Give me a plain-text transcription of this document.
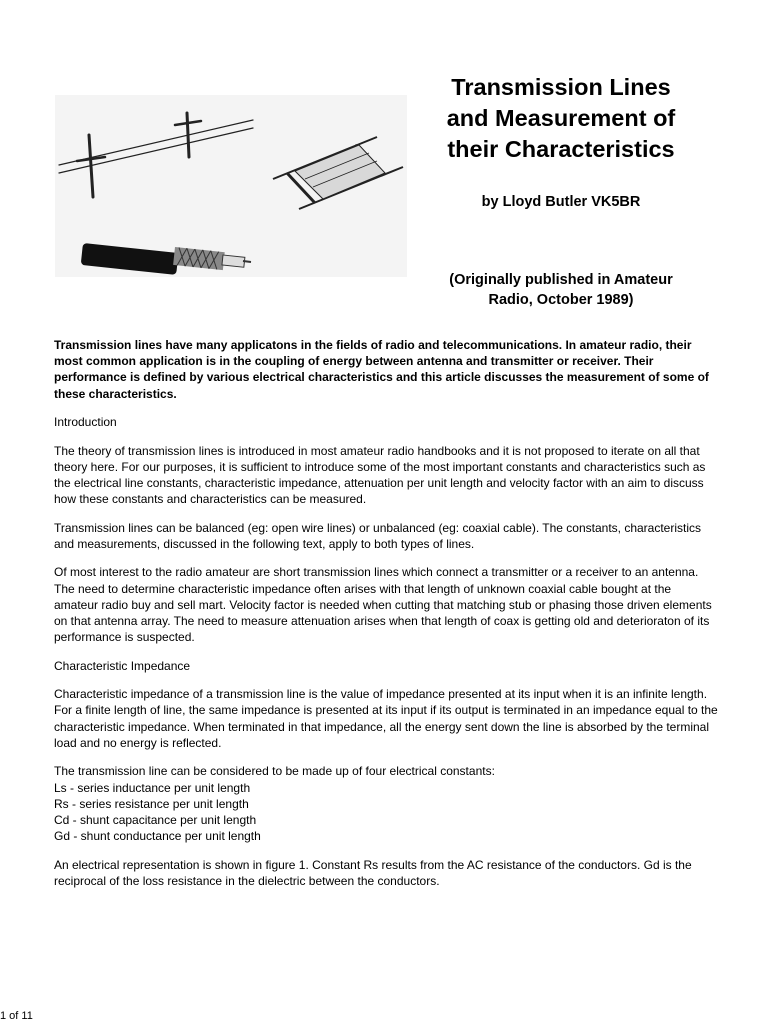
Transmission Lines
and Measurement of
their Characteristics

by Lloyd Butler VK5BR

(Originally published in Amateur
Radio, October 1989)

Transmission lines have many applicatons in the fields of radio and telecommunications. In amateur radio, their most common application is in the coupling of energy between antenna and transmitter or receiver. Their performance is defined by various electrical characteristics and this article discusses the measurement of some of these characteristics.

Introduction

The theory of transmission lines is introduced in most amateur radio handbooks and it is not proposed to iterate on all that theory here. For our purposes, it is sufficient to introduce some of the most important constants and characteristics such as the electrical line constants, characteristic impedance, attenuation per unit length and velocity factor with an aim to discuss how these constants and characteristics can be measured.

Transmission lines can be balanced (eg: open wire lines) or unbalanced (eg: coaxial cable). The constants, characteristics and measurements, discussed in the following text, apply to both types of lines.

Of most interest to the radio amateur are short transmission lines which connect a transmitter or a receiver to an antenna. The need to determine characteristic impedance often arises with that length of unknown coaxial cable bought at the amateur radio buy and sell mart. Velocity factor is needed when cutting that matching stub or phasing those driven elements on that antenna array. The need to measure attenuation arises when that length of coax is getting old and deterioraton of its performance is suspected.

Characteristic Impedance

Characteristic impedance of a transmission line is the value of impedance presented at its input when it is an infinite length. For a finite length of line, the same impedance is presented at its input if its output is terminated in an impedance equal to the characteristic impedance. When terminated in that impedance, all the energy sent down the line is absorbed by the terminal load and no energy is reflected.

The transmission line can be considered to be made up of four electrical constants:

Ls - series inductance per unit length
Rs - series resistance per unit length
Cd - shunt capacitance per unit length
Gd - shunt conductance per unit length

An electrical representation is shown in figure 1. Constant Rs results from the AC resistance of the conductors. Gd is the reciprocal of the loss resistance in the dielectric between the conductors.

1 of 11
